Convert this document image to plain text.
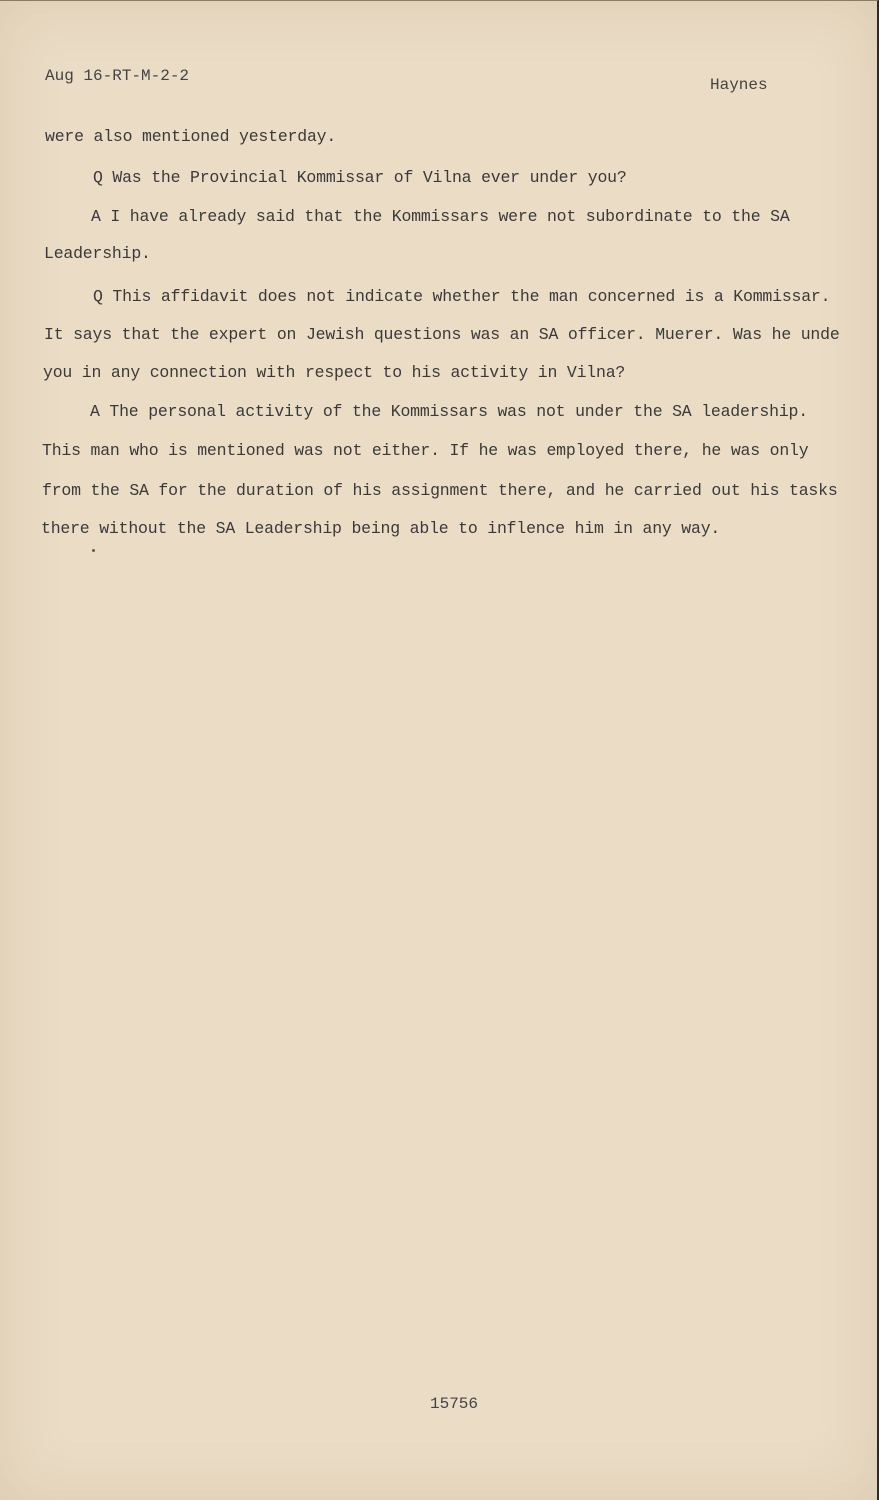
Aug 16-RT-M-2-2	Haynes
were also mentioned yesterday.
Q Was the Provincial Kommissar of Vilna ever under you?
A I have already said that the Kommissars were not subordinate to the SA
Leadership.
Q This affidavit does not indicate whether the man concerned is a Kommissar.
It says that the expert on Jewish questions was an SA officer. Muerer. Was he unde
you in any connection with respect to his activity in Vilna?
A The personal activity of the Kommissars was not under the SA leadership.
This man who is mentioned was not either. If he was employed there, he was only
from the SA for the duration of his assignment there, and he carried out his tasks
there without the SA Leadership being able to inflence him in any way.
15756
